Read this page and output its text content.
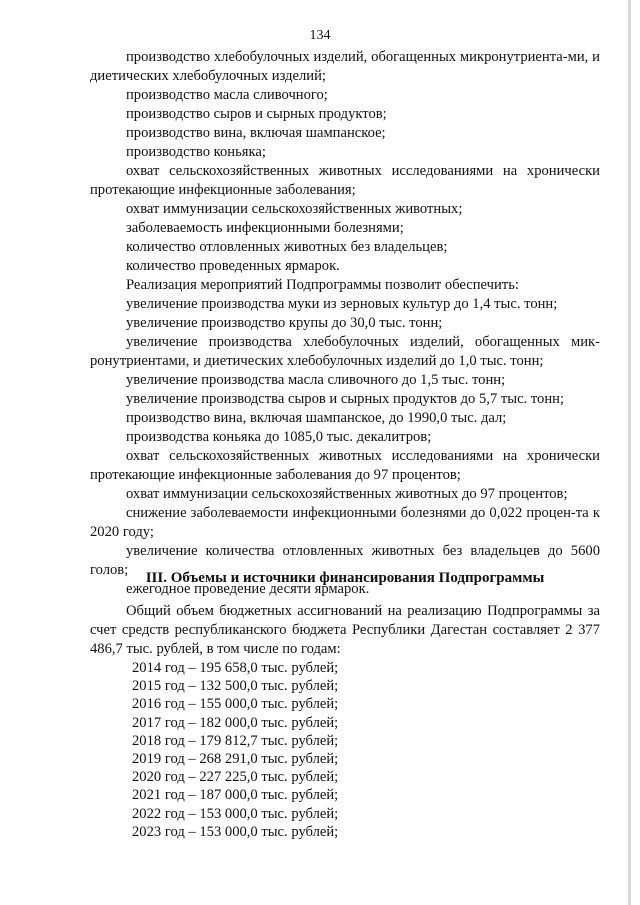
134

производство хлебобулочных изделий, обогащенных микронутриента-ми, и диетических хлебобулочных изделий;

производство масла сливочного;

производство сыров и сырных продуктов;

производство вина, включая шампанское;

производство коньяка;

охват сельскохозяйственных животных исследованиями на хронически протекающие инфекционные заболевания;

охват иммунизации сельскохозяйственных животных;

заболеваемость инфекционными болезнями;

количество отловленных животных без владельцев;

количество проведенных ярмарок.

Реализация мероприятий Подпрограммы позволит обеспечить:

увеличение производства муки из зерновых культур до 1,4 тыс. тонн;

увеличение производство крупы до 30,0 тыс. тонн;

увеличение производства хлебобулочных изделий, обогащенных мик-ронутриентами, и диетических хлебобулочных изделий до 1,0 тыс. тонн;

увеличение производства масла сливочного до 1,5 тыс. тонн;

увеличение производства сыров и сырных продуктов до 5,7 тыс. тонн;

производство вина, включая шампанское, до 1990,0 тыс. дал;

производства коньяка до 1085,0 тыс. декалитров;

охват сельскохозяйственных животных исследованиями на хронически протекающие инфекционные заболевания до 97 процентов;

охват иммунизации сельскохозяйственных животных до 97 процентов;

снижение заболеваемости инфекционными болезнями до 0,022 процен-та к 2020 году;

увеличение количества отловленных животных без владельцев до 5600 голов;

ежегодное проведение десяти ярмарок.

III. Объемы и источники финансирования Подпрограммы

Общий объем бюджетных ассигнований на реализацию Подпрограммы за счет средств республиканского бюджета Республики Дагестан составляет 2 377 486,7 тыс. рублей, в том числе по годам:

2014 год – 195 658,0 тыс. рублей;
2015 год – 132 500,0 тыс. рублей;
2016 год – 155 000,0 тыс. рублей;
2017 год – 182 000,0 тыс. рублей;
2018 год – 179 812,7 тыс. рублей;
2019 год – 268 291,0 тыс. рублей;
2020 год – 227 225,0 тыс. рублей;
2021 год – 187 000,0 тыс. рублей;
2022 год – 153 000,0 тыс. рублей;
2023 год – 153 000,0 тыс. рублей;
